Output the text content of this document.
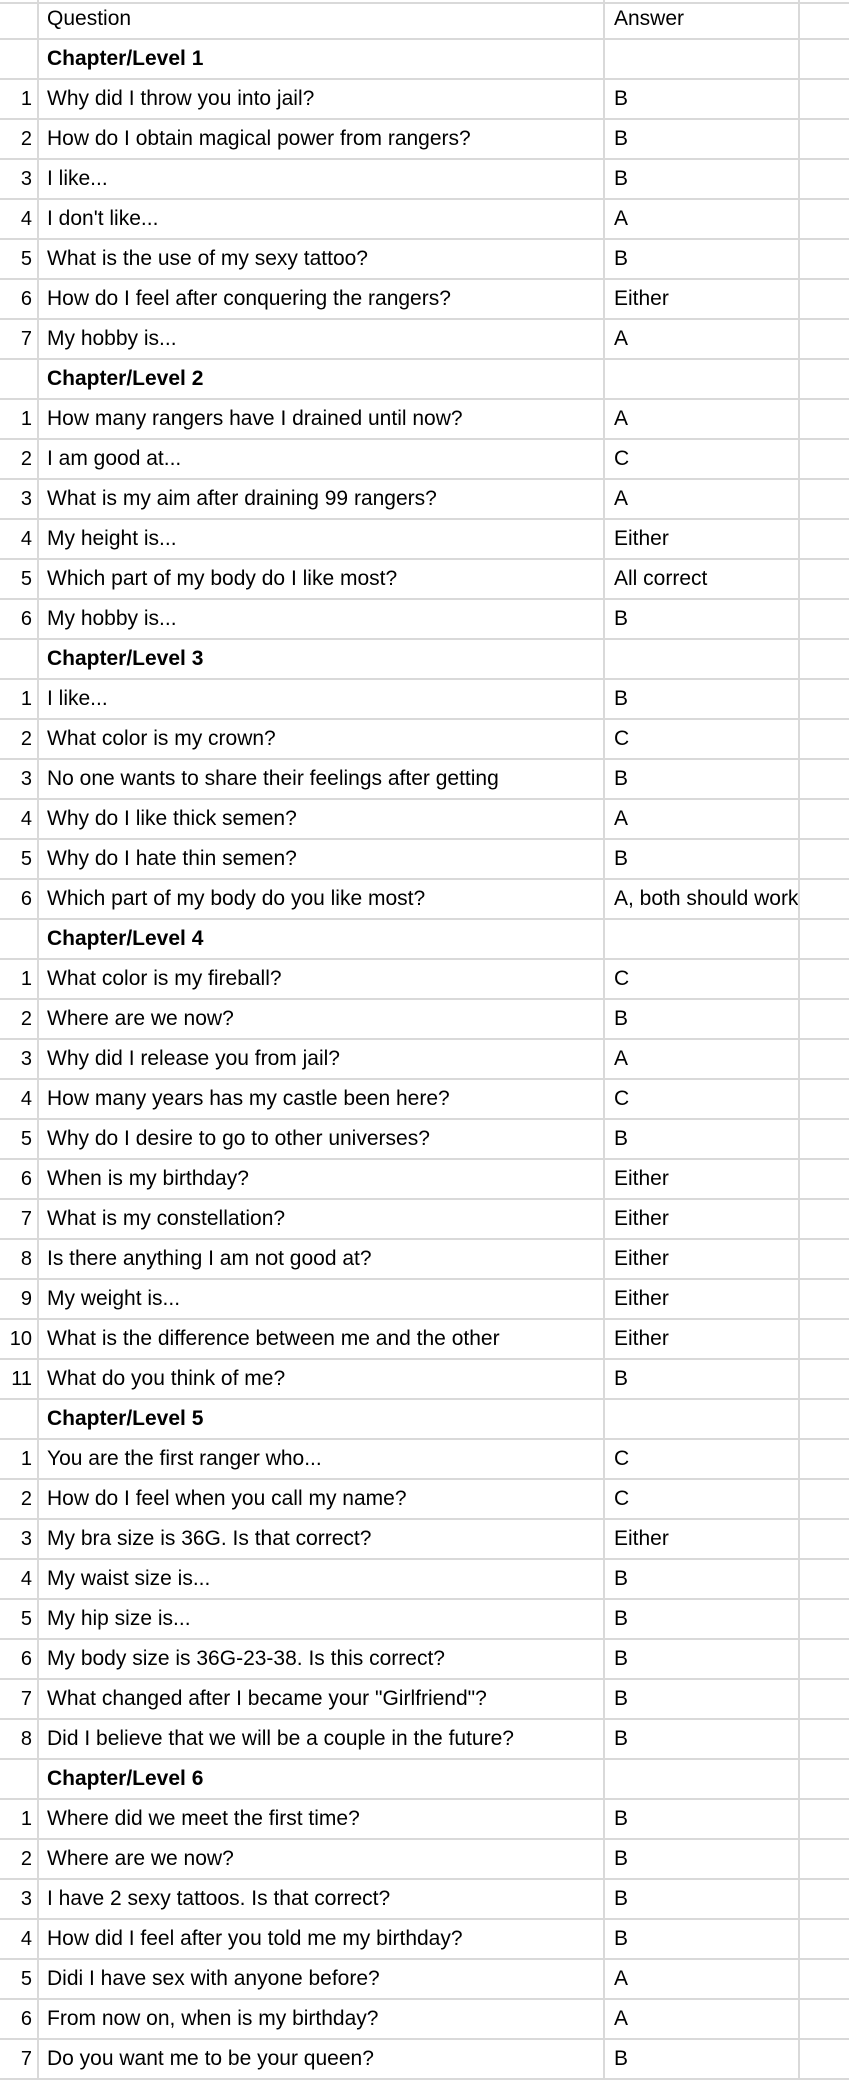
Question	Answer
Chapter/Level 1
1 Why did I throw you into jail?	B
2 How do I obtain magical power from rangers?	B
3 I like...	B
4 I don't like...	A
5 What is the use of my sexy tattoo?	B
6 How do I feel after conquering the rangers?	Either
7 My hobby is...	A
Chapter/Level 2
1 How many rangers have I drained until now?	A
2 I am good at...	C
3 What is my aim after draining 99 rangers?	A
4 My height is...	Either
5 Which part of my body do I like most?	All correct
6 My hobby is...	B
Chapter/Level 3
1 I like...	B
2 What color is my crown?	C
3 No one wants to share their feelings after getting	B
4 Why do I like thick semen?	A
5 Why do I hate thin semen?	B
6 Which part of my body do you like most?	A, both should work
Chapter/Level 4
1 What color is my fireball?	C
2 Where are we now?	B
3 Why did I release you from jail?	A
4 How many years has my castle been here?	C
5 Why do I desire to go to other universes?	B
6 When is my birthday?	Either
7 What is my constellation?	Either
8 Is there anything I am not good at?	Either
9 My weight is...	Either
10 What is the difference between me and the other	Either
11 What do you think of me?	B
Chapter/Level 5
1 You are the first ranger who...	C
2 How do I feel when you call my name?	C
3 My bra size is 36G. Is that correct?	Either
4 My waist size is...	B
5 My hip size is...	B
6 My body size is 36G-23-38. Is this correct?	B
7 What changed after I became your "Girlfriend"?	B
8 Did I believe that we will be a couple in the future?	B
Chapter/Level 6
1 Where did we meet the first time?	B
2 Where are we now?	B
3 I have 2 sexy tattoos. Is that correct?	B
4 How did I feel after you told me my birthday?	B
5 Didi I have sex with anyone before?	A
6 From now on, when is my birthday?	A
7 Do you want me to be your queen?	B
